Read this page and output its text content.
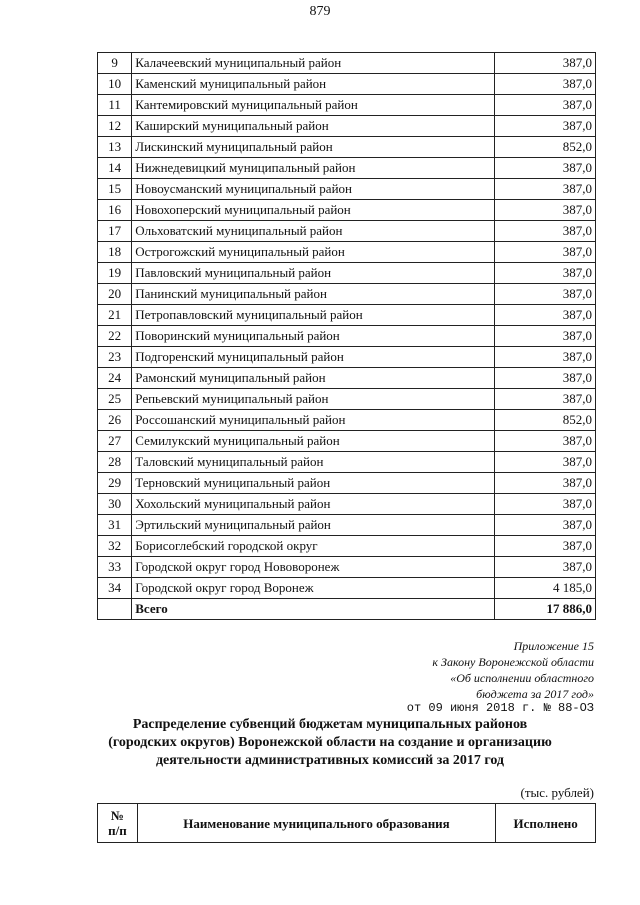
879
9	Калачеевский муниципальный район	387,0
10	Каменский муниципальный район	387,0
11	Кантемировский муниципальный район	387,0
12	Каширский муниципальный район	387,0
13	Лискинский муниципальный район	852,0
14	Нижнедевицкий муниципальный район	387,0
15	Новоусманский муниципальный район	387,0
16	Новохоперский муниципальный район	387,0
17	Ольховатский муниципальный район	387,0
18	Острогожский муниципальный район	387,0
19	Павловский муниципальный район	387,0
20	Панинский муниципальный район	387,0
21	Петропавловский муниципальный район	387,0
22	Поворинский муниципальный район	387,0
23	Подгоренский муниципальный район	387,0
24	Рамонский муниципальный район	387,0
25	Репьевский муниципальный район	387,0
26	Россошанский муниципальный район	852,0
27	Семилукский муниципальный район	387,0
28	Таловский муниципальный район	387,0
29	Терновский муниципальный район	387,0
30	Хохольский муниципальный район	387,0
31	Эртильский муниципальный район	387,0
32	Борисоглебский городской округ	387,0
33	Городской округ город Нововоронеж	387,0
34	Городской округ город Воронеж	4 185,0
	Всего	17 886,0
Приложение 15
к Закону Воронежской области
«Об исполнении областного
бюджета за 2017 год»
от 09 июня 2018 г. № 88-ОЗ
Распределение субвенций бюджетам муниципальных районов
(городских округов) Воронежской области на создание и организацию
деятельности административных комиссий за 2017 год
(тыс. рублей)
№
п/п	Наименование муниципального образования	Исполнено
